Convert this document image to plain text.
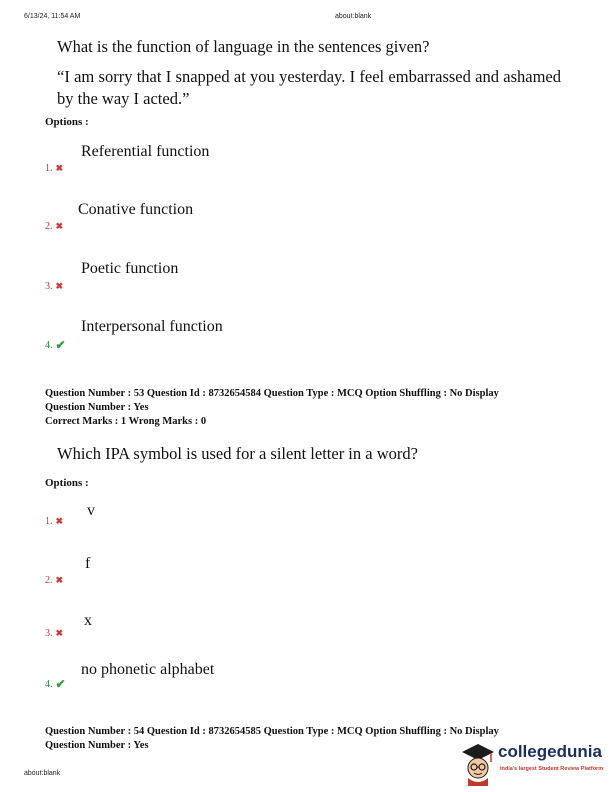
6/13/24, 11:54 AM	about:blank
What is the function of language in the sentences given?
“I am sorry that I snapped at you yesterday. I feel embarrassed and ashamed by the way I acted.”
Options :
Referential function
1. ✖
Conative function
2. ✖
Poetic function
3. ✖
Interpersonal function
4. ✔
Question Number : 53 Question Id : 8732654584 Question Type : MCQ Option Shuffling : No Display
Question Number : Yes
Correct Marks : 1 Wrong Marks : 0
Which IPA symbol is used for a silent letter in a word?
Options :
v
1. ✖
f
2. ✖
x
3. ✖
no phonetic alphabet
4. ✔
Question Number : 54 Question Id : 8732654585 Question Type : MCQ Option Shuffling : No Display
Question Number : Yes
about:blank
collegedunia
India's largest Student Review Platform
